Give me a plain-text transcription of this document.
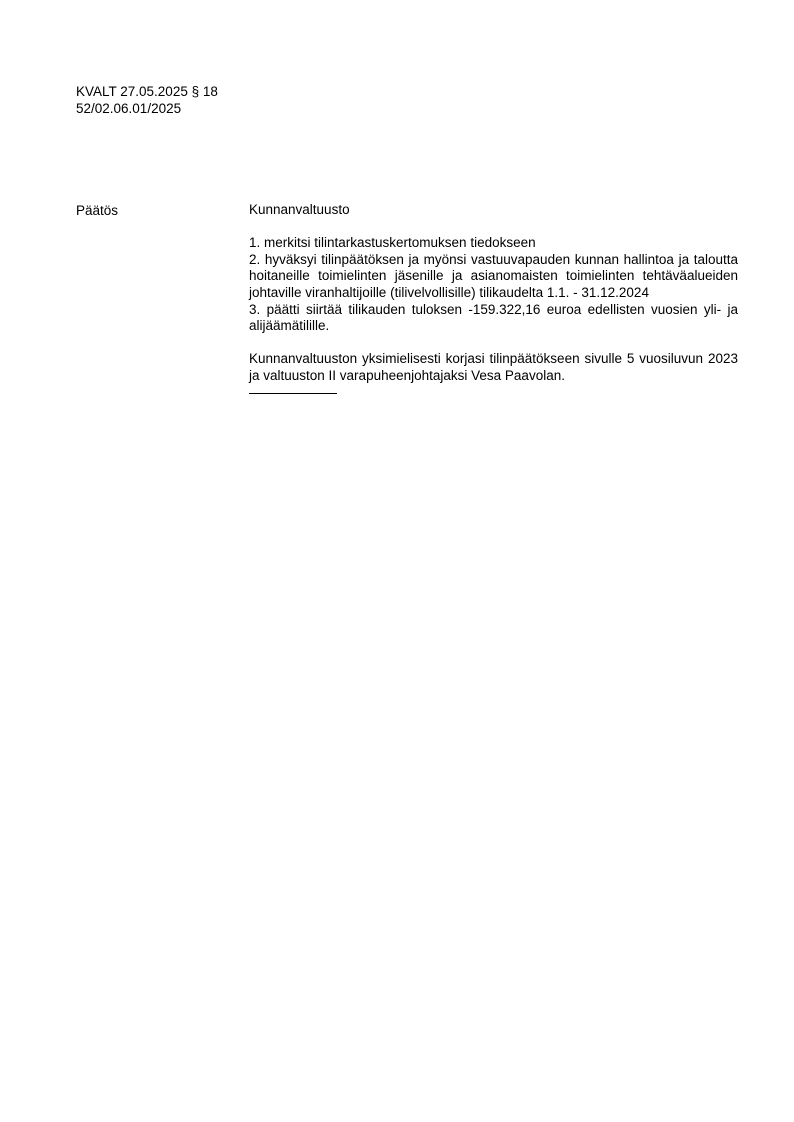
KVALT 27.05.2025 § 18
52/02.06.01/2025
Päätös	Kunnanvaltuusto

1. merkitsi tilintarkastuskertomuksen tiedokseen

2. hyväksyi tilinpäätöksen ja myönsi vastuuvapauden kunnan hallintoa ja taloutta hoitaneille toimielinten jäsenille ja asianomaisten toimielinten tehtäväalueiden johtaville viranhaltijoille (tilivelvollisille) tilikaudelta 1.1. - 31.12.2024

3. päätti siirtää tilikauden tuloksen -159.322,16 euroa edellisten vuosien yli- ja alijäämätilille.

Kunnanvaltuuston yksimielisesti korjasi tilinpäätökseen sivulle 5 vuosiluvun 2023 ja valtuuston II varapuheenjohtajaksi Vesa Paavolan.
